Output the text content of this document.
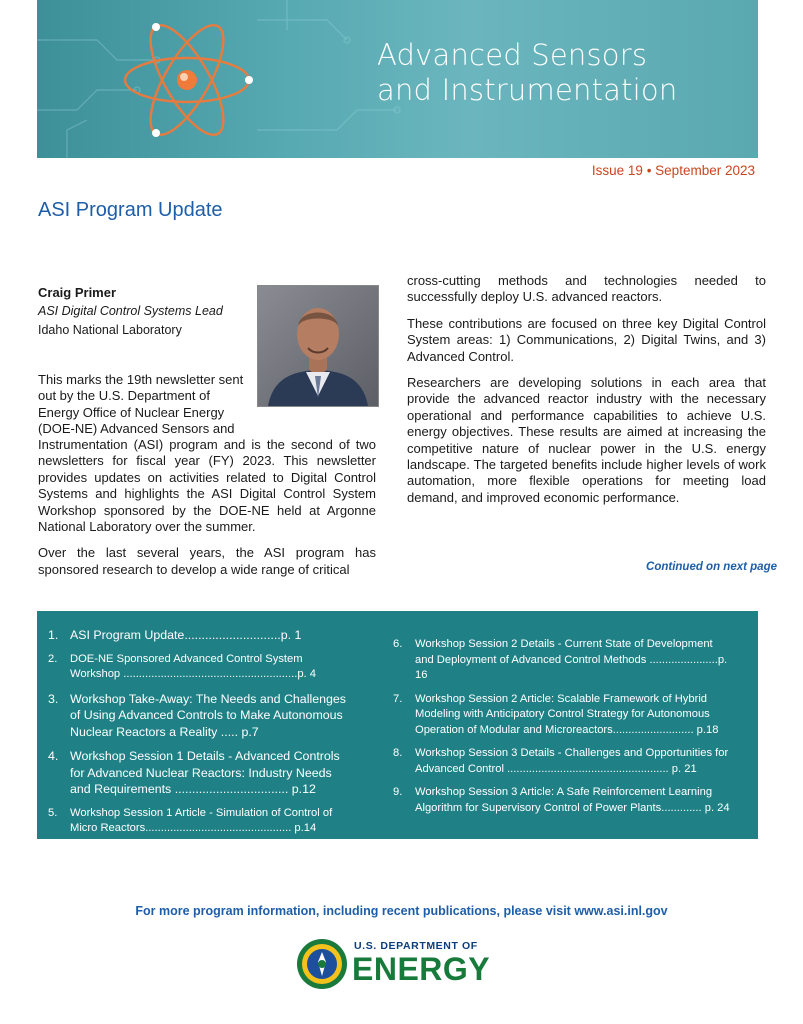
Advanced Sensors
and Instrumentation
Issue 19 • September 2023
ASI Program Update
Craig Primer
ASI Digital Control Systems Lead
Idaho National Laboratory

This marks the 19th newsletter sent out by the U.S. Department of Energy Office of Nuclear Energy (DOE-NE) Advanced Sensors and

Instrumentation (ASI) program and is the second of two newsletters for fiscal year (FY) 2023. This newsletter provides updates on activities related to Digital Control Systems and highlights the ASI Digital Control System Workshop sponsored by the DOE-NE held at Argonne National Laboratory over the summer.

Over the last several years, the ASI program has sponsored research to develop a wide range of critical

cross-cutting methods and technologies needed to successfully deploy U.S. advanced reactors.

These contributions are focused on three key Digital Control System areas: 1) Communications, 2) Digital Twins, and 3) Advanced Control.

Researchers are developing solutions in each area that provide the advanced reactor industry with the necessary operational and performance capabilities to achieve U.S. energy objectives. These results are aimed at increasing the competitive nature of nuclear power in the U.S. energy landscape. The targeted benefits include higher levels of work automation, more flexible operations for meeting load demand, and improved economic performance.

Continued on next page
1. ASI Program Update............................p. 1
2. DOE-NE Sponsored Advanced Control System Workshop ........................................................p. 4
3. Workshop Take-Away: The Needs and Challenges of Using Advanced Controls to Make Autonomous Nuclear Reactors a Reality ..... p.7
4. Workshop Session 1 Details - Advanced Controls for Advanced Nuclear Reactors: Industry Needs and Requirements ................................. p.12
5. Workshop Session 1 Article - Simulation of Control of Micro Reactors............................................... p.14
6. Workshop Session 2 Details - Current State of Development and Deployment of Advanced Control Methods ......................p. 16
7. Workshop Session 2 Article: Scalable Framework of Hybrid Modeling with Anticipatory Control Strategy for Autonomous Operation of Modular and Microreactors.......................... p.18
8. Workshop Session 3 Details - Challenges and Opportunities for Advanced Control .................................................... p. 21
9. Workshop Session 3 Article: A Safe Reinforcement Learning Algorithm for Supervisory Control of Power Plants............. p. 24
For more program information, including recent publications, please visit www.asi.inl.gov
U.S. DEPARTMENT OF
ENERGY
